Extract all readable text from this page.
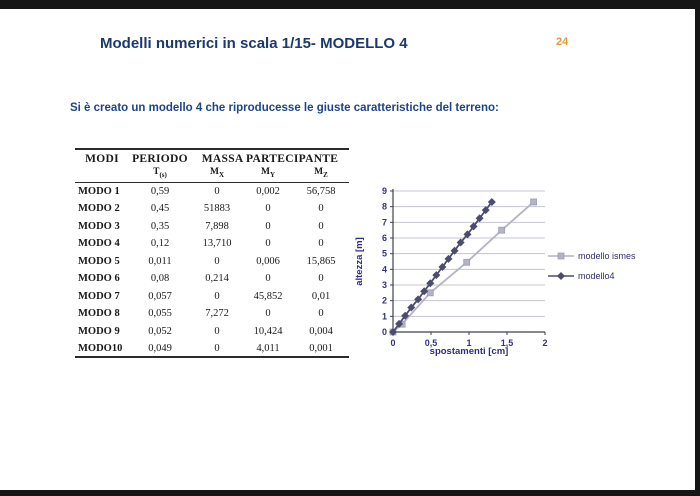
Modelli numerici in scala 1/15- MODELLO 4	24
Si è creato un modello 4 che riproducesse le giuste caratteristiche del terreno:
MODI	PERIODO	MASSA PARTECIPANTE		
	$T_{(s)}$	$M_X$	$M_Y$	$M_Z$
MODO 1	0,59	0	0,002	56,758
MODO 2	0,45	51883	0	0
MODO 3	0,35	7,898	0	0
MODO 4	0,12	13,710	0	0
MODO 5	0,011	0	0,006	15,865
MODO 6	0,08	0,214	0	0
MODO 7	0,057	0	45,852	0,01
MODO 8	0,055	7,272	0	0
MODO 9	0,052	0	10,424	0,004
MODO10	0,049	0	4,011	0,001
0
1
2
3
4
5
6
7
8
9
0	0,5	1	1,5	2
spostamenti [cm]
altezza [m]	modello ismes
modello4
